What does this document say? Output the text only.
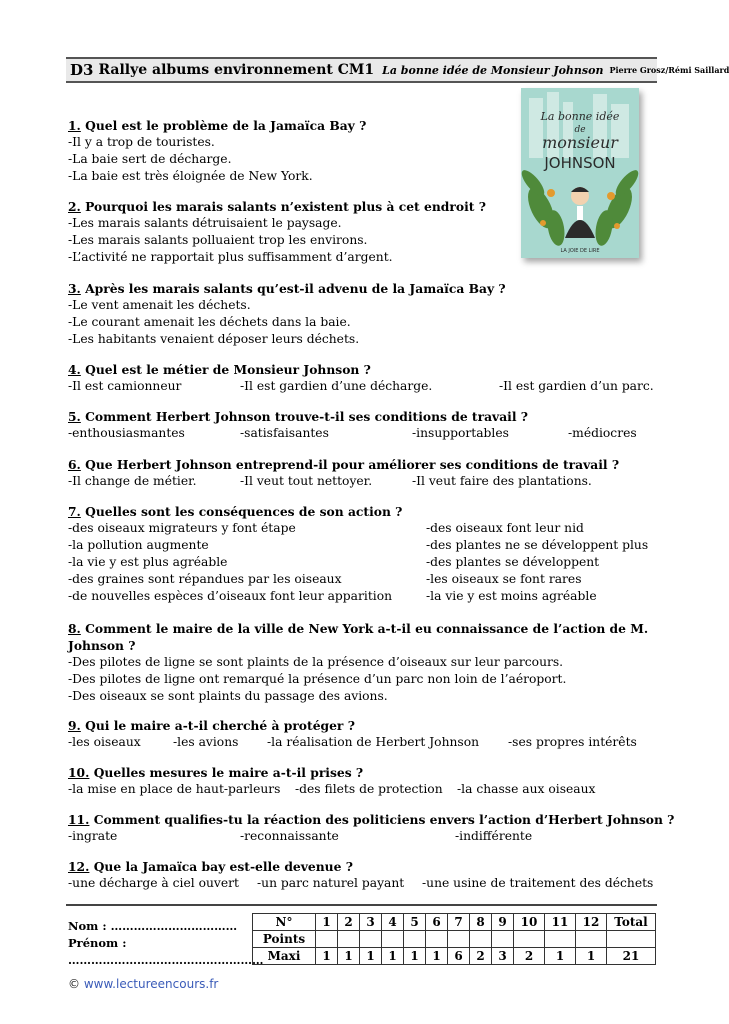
D3 Rallye albums environnement CM1 La bonne idée de Monsieur Johnson Pierre Grosz/Rémi Saillard
La bonne idée
de
monsieur
JOHNSON
LA JOIE DE LIRE
1. Quel est le problème de la Jamaïca Bay ?
-Il y a trop de touristes.
-La baie sert de décharge.
-La baie est très éloignée de New York.
2. Pourquoi les marais salants n’existent plus à cet endroit ?
-Les marais salants détruisaient le paysage.
-Les marais salants polluaient trop les environs.
-L’activité ne rapportait plus suffisamment d’argent.
3. Après les marais salants qu’est-il advenu de la Jamaïca Bay ?
-Le vent amenait les déchets.
-Le courant amenait les déchets dans la baie.
-Les habitants venaient déposer leurs déchets.
4. Quel est le métier de Monsieur Johnson ?
-Il est camionneur	-Il est gardien d’une décharge.	-Il est gardien d’un parc.
5. Comment Herbert Johnson trouve-t-il ses conditions de travail ?
-enthousiasmantes	-satisfaisantes	-insupportables	-médiocres
6. Que Herbert Johnson entreprend-il pour améliorer ses conditions de travail ?
-Il change de métier.	-Il veut tout nettoyer.	-Il veut faire des plantations.
7. Quelles sont les conséquences de son action ?
-des oiseaux migrateurs y font étape	-des oiseaux font leur nid
-la pollution augmente	-des plantes ne se développent plus
-la vie y est plus agréable	-des plantes se développent
-des graines sont répandues par les oiseaux	-les oiseaux se font rares
-de nouvelles espèces d’oiseaux font leur apparition	-la vie y est moins agréable
8. Comment le maire de la ville de New York a-t-il eu connaissance de l’action de M.
Johnson ?
-Des pilotes de ligne se sont plaints de la présence d’oiseaux sur leur parcours.
-Des pilotes de ligne ont remarqué la présence d’un parc non loin de l’aéroport.
-Des oiseaux se sont plaints du passage des avions.
9. Qui le maire a-t-il cherché à protéger ?
-les oiseaux	-les avions -la réalisation de Herbert Johnson -ses propres intérêts
10. Quelles mesures le maire a-t-il prises ?
-la mise en place de haut-parleurs -des filets de protection -la chasse aux oiseaux
11. Comment qualifies-tu la réaction des politiciens envers l’action d’Herbert Johnson ?
-ingrate	-reconnaissante	-indifférente
12. Que la Jamaïca bay est-elle devenue ?
-une décharge à ciel ouvert -un parc naturel payant -une usine de traitement des déchets
Nom : ……………………………
Prénom :
……………………………………………
N°	1	2	3	4	5	6	7	8	9	10	11	12	Total
Points													
Maxi	1	1	1	1	1	1	6	2	3	2	1	1	21
© www.lectureencours.fr
